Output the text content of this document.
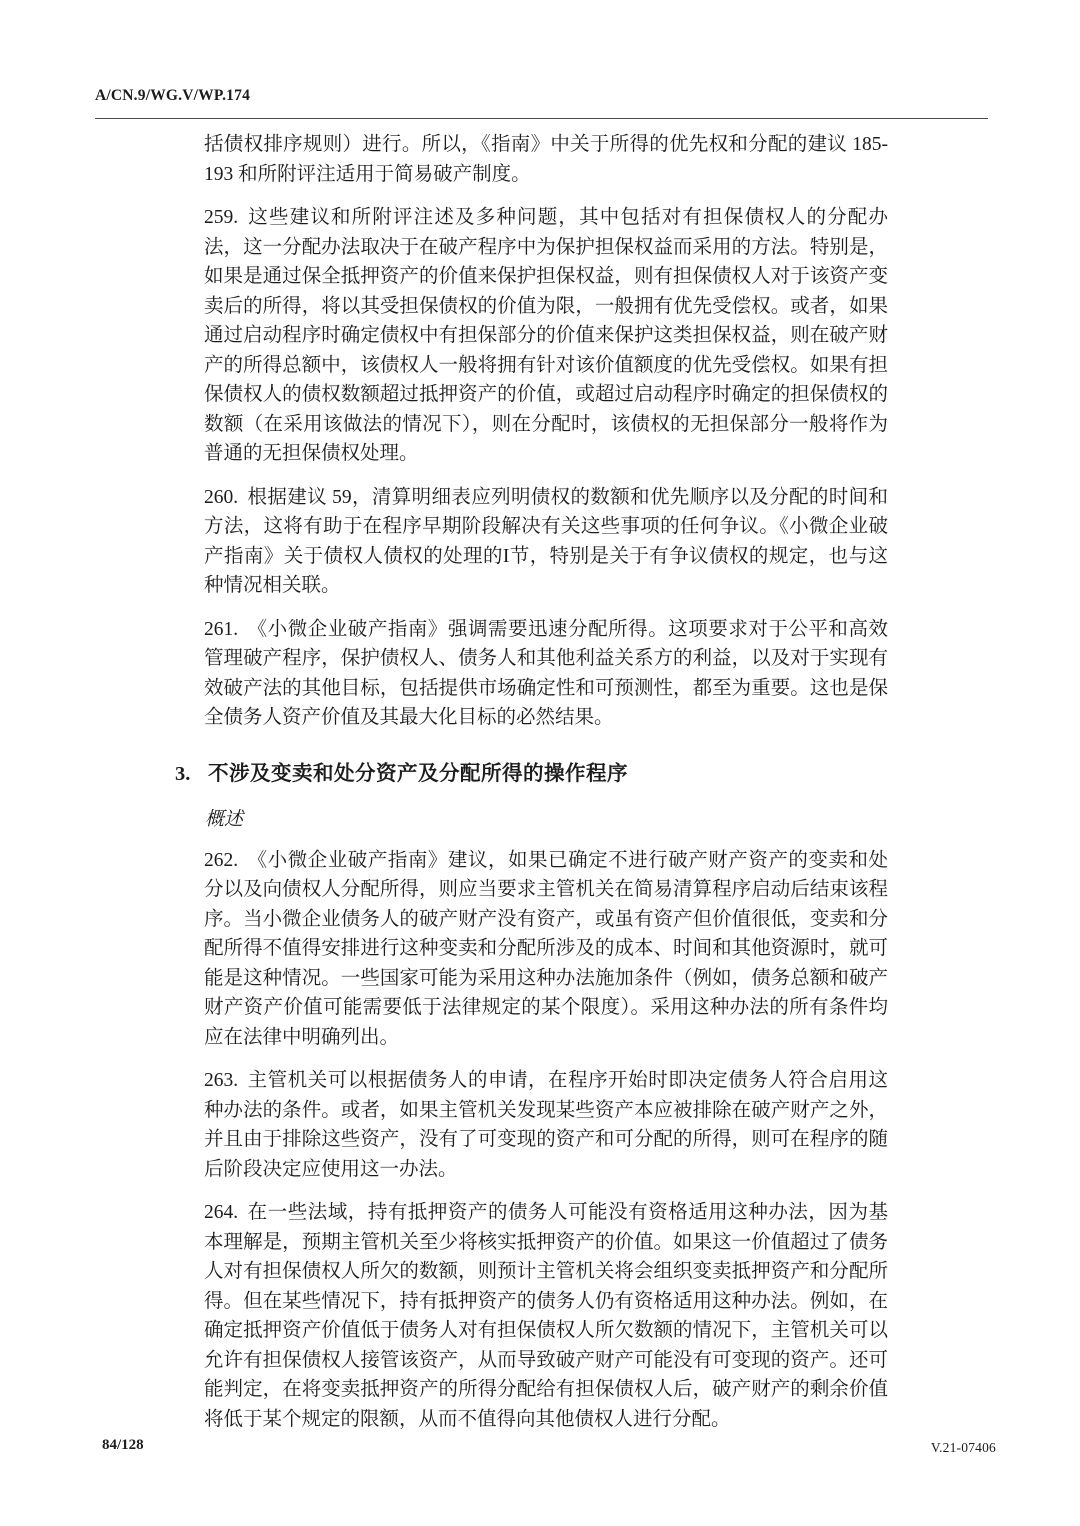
A/CN.9/WG.V/WP.174

括债权排序规则）进行。所以，《指南》中关于所得的优先权和分配的建议 185-193 和所附评注适用于简易破产制度。

259. 这些建议和所附评注述及多种问题，其中包括对有担保债权人的分配办法，这一分配办法取决于在破产程序中为保护担保权益而采用的方法。特别是，如果是通过保全抵押资产的价值来保护担保权益，则有担保债权人对于该资产变卖后的所得，将以其受担保债权的价值为限，一般拥有优先受偿权。或者，如果通过启动程序时确定债权中有担保部分的价值来保护这类担保权益，则在破产财产的所得总额中，该债权人一般将拥有针对该价值额度的优先受偿权。如果有担保债权人的债权数额超过抵押资产的价值，或超过启动程序时确定的担保债权的数额（在采用该做法的情况下），则在分配时，该债权的无担保部分一般将作为普通的无担保债权处理。

260. 根据建议 59，清算明细表应列明债权的数额和优先顺序以及分配的时间和方法，这将有助于在程序早期阶段解决有关这些事项的任何争议。《小微企业破产指南》关于债权人债权的处理的I节，特别是关于有争议债权的规定，也与这种情况相关联。

261. 《小微企业破产指南》强调需要迅速分配所得。这项要求对于公平和高效管理破产程序，保护债权人、债务人和其他利益关系方的利益，以及对于实现有效破产法的其他目标，包括提供市场确定性和可预测性，都至为重要。这也是保全债务人资产价值及其最大化目标的必然结果。

3. 不涉及变卖和处分资产及分配所得的操作程序
概述

262. 《小微企业破产指南》建议，如果已确定不进行破产财产资产的变卖和处分以及向债权人分配所得，则应当要求主管机关在简易清算程序启动后结束该程序。当小微企业债务人的破产财产没有资产，或虽有资产但价值很低，变卖和分配所得不值得安排进行这种变卖和分配所涉及的成本、时间和其他资源时，就可能是这种情况。一些国家可能为采用这种办法施加条件（例如，债务总额和破产财产资产价值可能需要低于法律规定的某个限度）。采用这种办法的所有条件均应在法律中明确列出。

263. 主管机关可以根据债务人的申请，在程序开始时即决定债务人符合启用这种办法的条件。或者，如果主管机关发现某些资产本应被排除在破产财产之外，并且由于排除这些资产，没有了可变现的资产和可分配的所得，则可在程序的随后阶段决定应使用这一办法。

264. 在一些法域，持有抵押资产的债务人可能没有资格适用这种办法，因为基本理解是，预期主管机关至少将核实抵押资产的价值。如果这一价值超过了债务人对有担保债权人所欠的数额，则预计主管机关将会组织变卖抵押资产和分配所得。但在某些情况下，持有抵押资产的债务人仍有资格适用这种办法。例如，在确定抵押资产价值低于债务人对有担保债权人所欠数额的情况下，主管机关可以允许有担保债权人接管该资产，从而导致破产财产可能没有可变现的资产。还可能判定，在将变卖抵押资产的所得分配给有担保债权人后，破产财产的剩余价值将低于某个规定的限额，从而不值得向其他债权人进行分配。

84/128	V.21-07406
